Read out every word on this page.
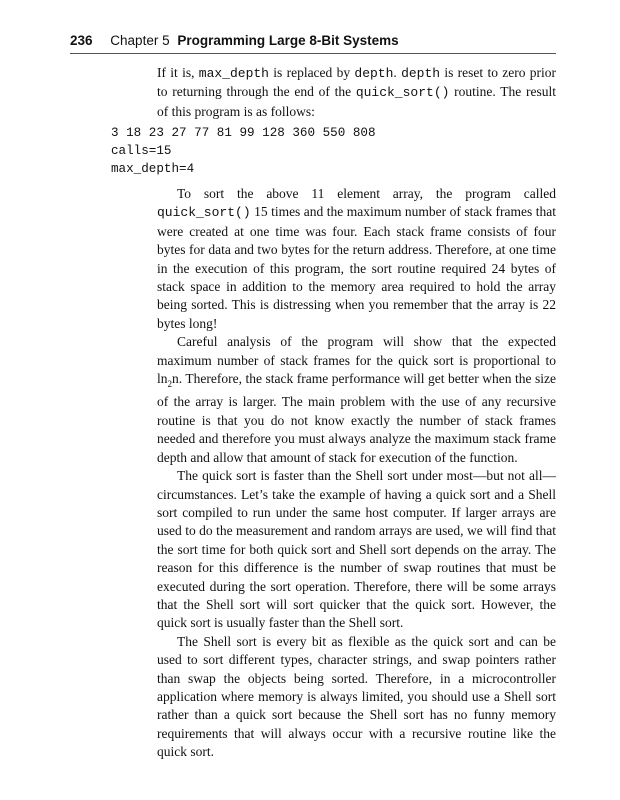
236 Chapter 5 Programming Large 8-Bit Systems

If it is, max_depth is replaced by depth. depth is reset to zero prior to returning through the end of the quick_sort() routine. The result of this program is as follows:

3 18 23 27 77 81 99 128 360 550 808
calls=15
max_depth=4

To sort the above 11 element array, the program called quick_sort() 15 times and the maximum number of stack frames that were created at one time was four. Each stack frame consists of four bytes for data and two bytes for the return address. Therefore, at one time in the execution of this program, the sort routine required 24 bytes of stack space in addition to the memory area required to hold the array being sorted. This is distressing when you remember that the array is 22 bytes long!

Careful analysis of the program will show that the expected maximum number of stack frames for the quick sort is proportional to $\ln_2n$. Therefore, the stack frame performance will get better when the size of the array is larger. The main problem with the use of any recursive routine is that you do not know exactly the number of stack frames needed and therefore you must always analyze the maximum stack frame depth and allow that amount of stack for execution of the function.

The quick sort is faster than the Shell sort under most—but not all—circumstances. Let’s take the example of having a quick sort and a Shell sort compiled to run under the same host computer. If larger arrays are used to do the measurement and random arrays are used, we will find that the sort time for both quick sort and Shell sort depends on the array. The reason for this difference is the number of swap routines that must be executed during the sort operation. Therefore, there will be some arrays that the Shell sort will sort quicker that the quick sort. However, the quick sort is usually faster than the Shell sort.

The Shell sort is every bit as flexible as the quick sort and can be used to sort different types, character strings, and swap pointers rather than swap the objects being sorted. Therefore, in a microcontroller application where memory is always limited, you should use a Shell sort rather than a quick sort because the Shell sort has no funny memory requirements that will always occur with a recursive routine like the quick sort.
